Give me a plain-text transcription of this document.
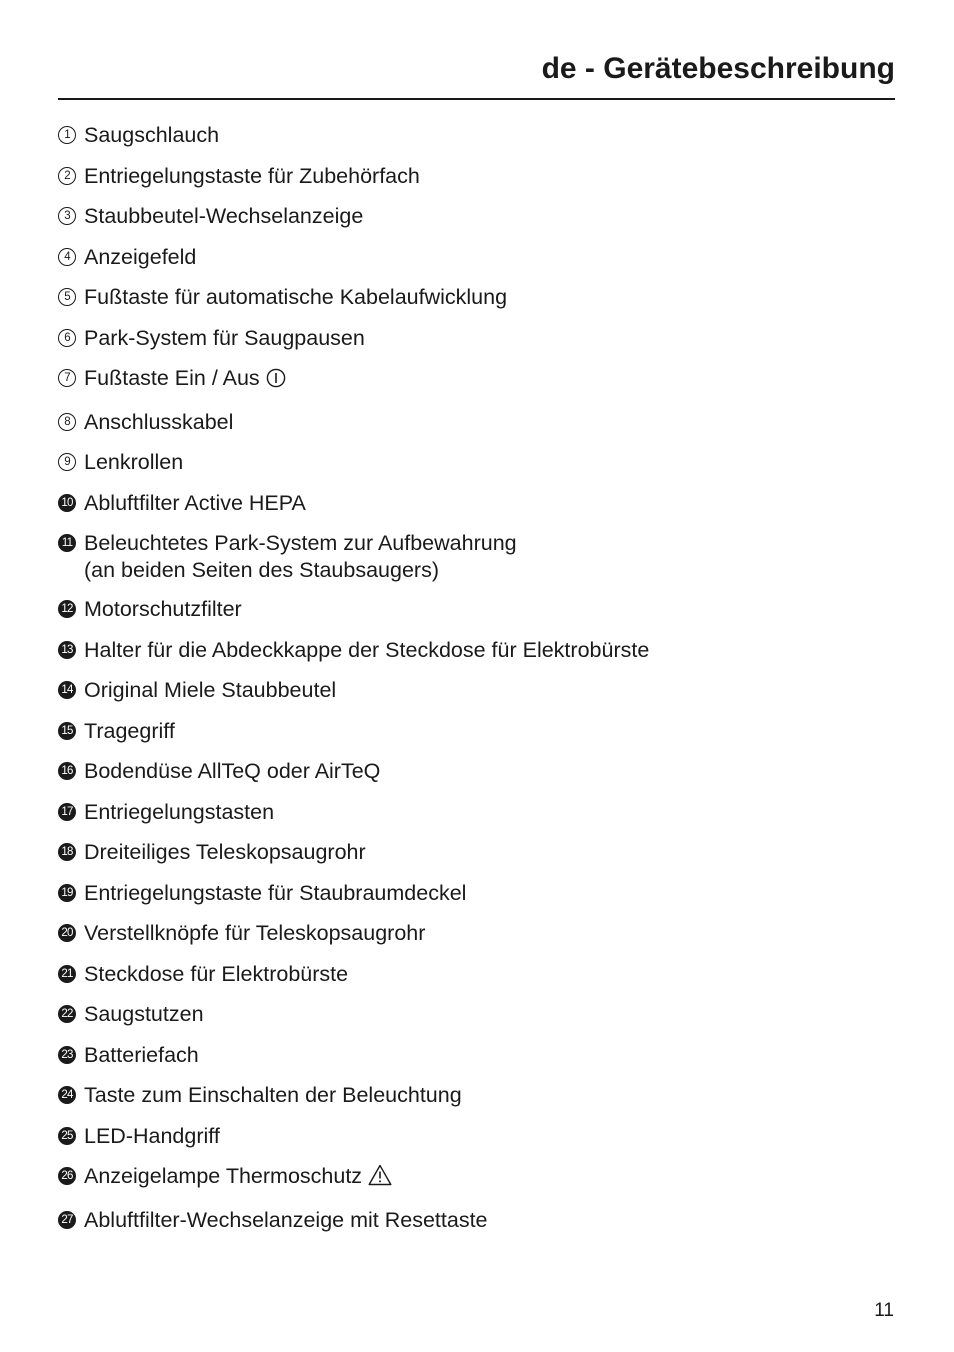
de - Gerätebeschreibung
1 Saugschlauch
2 Entriegelungstaste für Zubehörfach
3 Staubbeutel-Wechselanzeige
4 Anzeigefeld
5 Fußtaste für automatische Kabelaufwicklung
6 Park-System für Saugpausen
7 Fußtaste Ein / Aus
8 Anschlusskabel
9 Lenkrollen
10 Abluftfilter Active HEPA
11 Beleuchtetes Park-System zur Aufbewahrung
(an beiden Seiten des Staubsaugers)
12 Motorschutzfilter
13 Halter für die Abdeckkappe der Steckdose für Elektrobürste
14 Original Miele Staubbeutel
15 Tragegriff
16 Bodendüse AllTeQ oder AirTeQ
17 Entriegelungstasten
18 Dreiteiliges Teleskopsaugrohr
19 Entriegelungstaste für Staubraumdeckel
20 Verstellknöpfe für Teleskopsaugrohr
21 Steckdose für Elektrobürste
22 Saugstutzen
23 Batteriefach
24 Taste zum Einschalten der Beleuchtung
25 LED-Handgriff
26 Anzeigelampe Thermoschutz
27 Abluftfilter-Wechselanzeige mit Resettaste
11
